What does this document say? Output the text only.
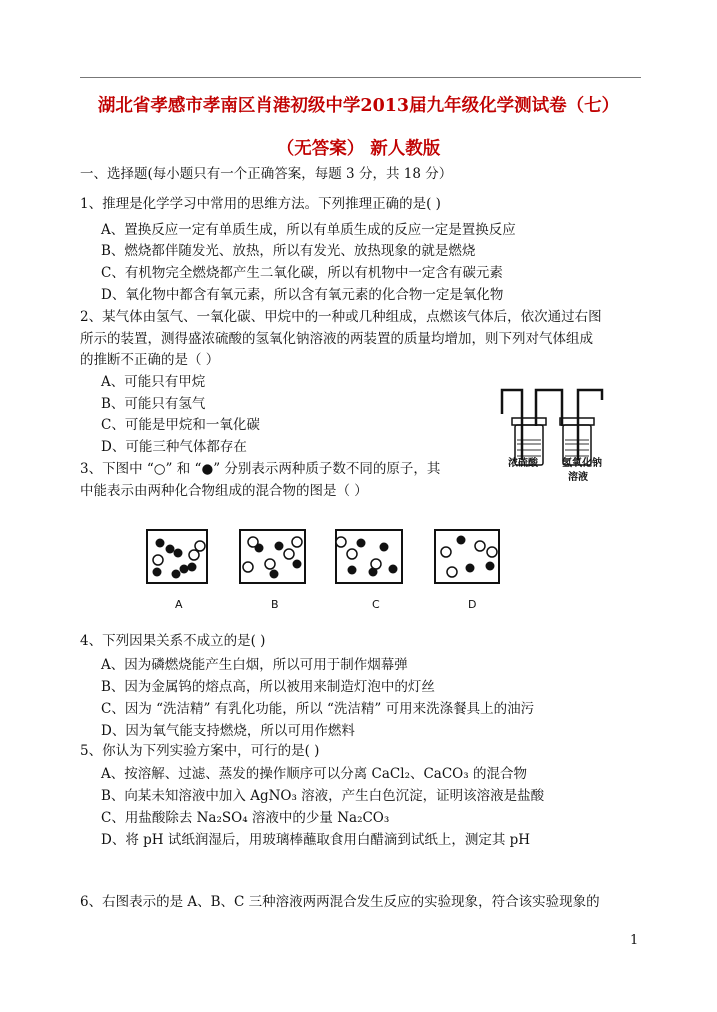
湖北省孝感市孝南区肖港初级中学2013届九年级化学测试卷（七）
（无答案） 新人教版
一、选择题(每小题只有一个正确答案，每题 3 分，共 18 分）
1、推理是化学学习中常用的思维方法。下列推理正确的是( )
A、置换反应一定有单质生成，所以有单质生成的反应一定是置换反应
B、燃烧都伴随发光、放热，所以有发光、放热现象的就是燃烧
C、有机物完全燃烧都产生二氧化碳，所以有机物中一定含有碳元素
D、氧化物中都含有氧元素，所以含有氧元素的化合物一定是氧化物
2、某气体由氢气、一氧化碳、甲烷中的一种或几种组成，点燃该气体后，依次通过右图
所示的装置，测得盛浓硫酸的氢氧化钠溶液的两装置的质量均增加，则下列对气体组成
的推断不正确的是（ ）
A、可能只有甲烷
B、可能只有氢气
C、可能是甲烷和一氧化碳
D、可能三种气体都存在
浓硫酸 氢氧化钠
溶液
3、下图中 “○” 和 “●” 分别表示两种质子数不同的原子，其
中能表示由两种化合物组成的混合物的图是（ ）
A	B	C	D
4、下列因果关系不成立的是( )
A、因为磷燃烧能产生白烟，所以可用于制作烟幕弹
B、因为金属钨的熔点高，所以被用来制造灯泡中的灯丝
C、因为 “洗洁精” 有乳化功能，所以 “洗洁精” 可用来洗涤餐具上的油污
D、因为氧气能支持燃烧，所以可用作燃料
5、你认为下列实验方案中，可行的是( )
A、按溶解、过滤、蒸发的操作顺序可以分离 CaCl₂、CaCO₃ 的混合物
B、向某未知溶液中加入 AgNO₃ 溶液，产生白色沉淀，证明该溶液是盐酸
C、用盐酸除去 Na₂SO₄ 溶液中的少量 Na₂CO₃
D、将 pH 试纸润湿后，用玻璃棒蘸取食用白醋滴到试纸上，测定其 pH
6、右图表示的是 A、B、C 三种溶液两两混合发生反应的实验现象，符合该实验现象的
1
